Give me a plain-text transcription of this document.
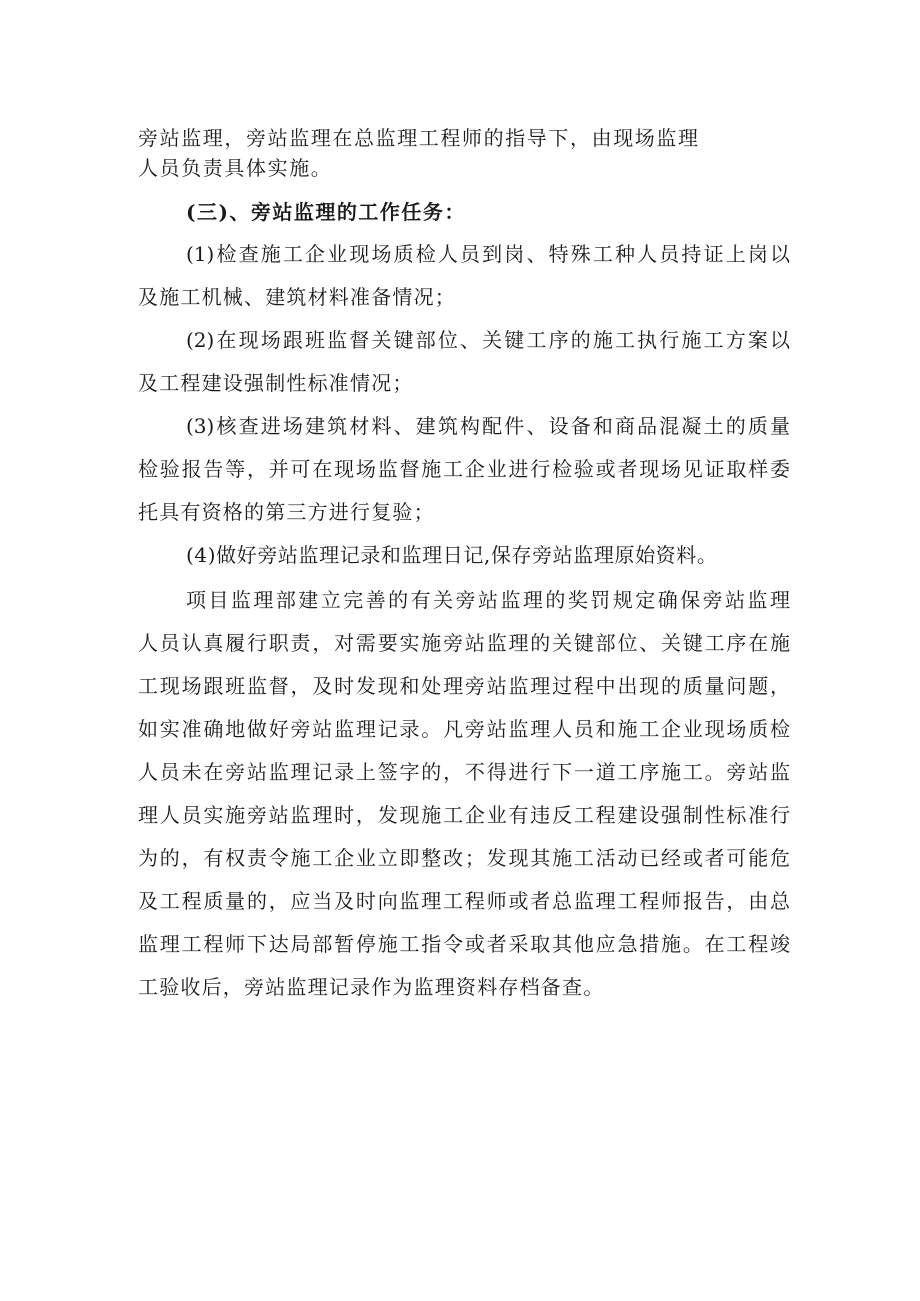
旁站监理，旁站监理在总监理工程师的指导下，由现场监理
人员负责具体实施。
(三)、旁站监理的工作任务：
(1)检查施工企业现场质检人员到岗、特殊工种人员持证上岗以
及施工机械、建筑材料准备情况；
(2)在现场跟班监督关键部位、关键工序的施工执行施工方案以
及工程建设强制性标准情况；
(3)核查进场建筑材料、建筑构配件、设备和商品混凝土的质量
检验报告等，并可在现场监督施工企业进行检验或者现场见证取样委
托具有资格的第三方进行复验；
(4)做好旁站监理记录和监理日记,保存旁站监理原始资料。
项目监理部建立完善的有关旁站监理的奖罚规定确保旁站监理
人员认真履行职责，对需要实施旁站监理的关键部位、关键工序在施
工现场跟班监督，及时发现和处理旁站监理过程中出现的质量问题，
如实准确地做好旁站监理记录。凡旁站监理人员和施工企业现场质检
人员未在旁站监理记录上签字的，不得进行下一道工序施工。旁站监
理人员实施旁站监理时，发现施工企业有违反工程建设强制性标准行
为的，有权责令施工企业立即整改；发现其施工活动已经或者可能危
及工程质量的，应当及时向监理工程师或者总监理工程师报告，由总
监理工程师下达局部暂停施工指令或者采取其他应急措施。在工程竣
工验收后，旁站监理记录作为监理资料存档备查。
